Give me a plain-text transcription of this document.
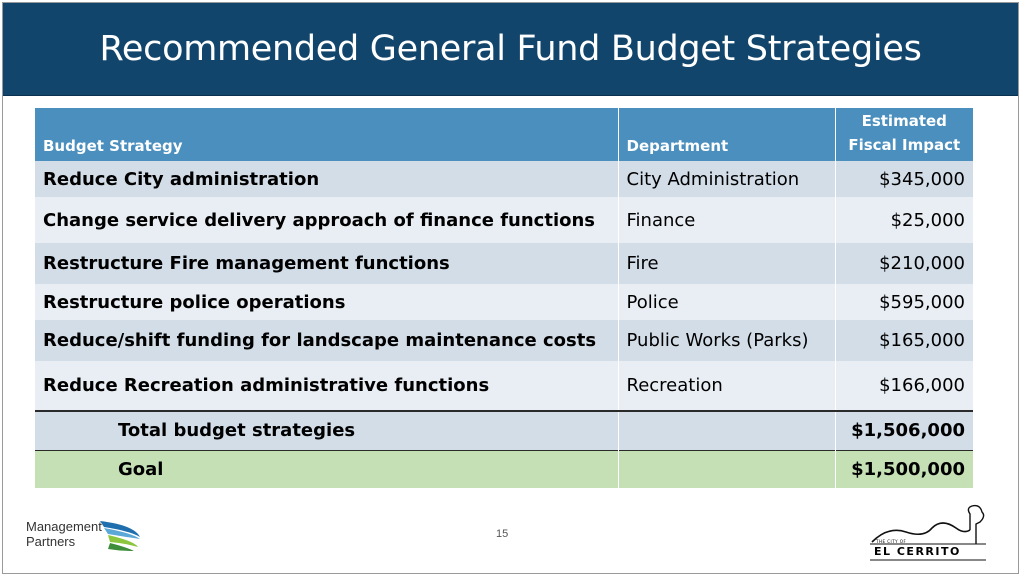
Recommended General Fund Budget Strategies
Budget Strategy	Department	Estimated
Fiscal Impact
Reduce City administration	City Administration	$345,000
Change service delivery approach of finance functions	Finance	$25,000
Restructure Fire management functions	Fire	$210,000
Restructure police operations	Police	$595,000
Reduce/shift funding for landscape maintenance costs	Public Works (Parks)	$165,000
Reduce Recreation administrative functions	Recreation	$166,000
Total budget strategies		$1,506,000
Goal		$1,500,000
Management
Partners	15
THE CITY OF
EL CERRITO
